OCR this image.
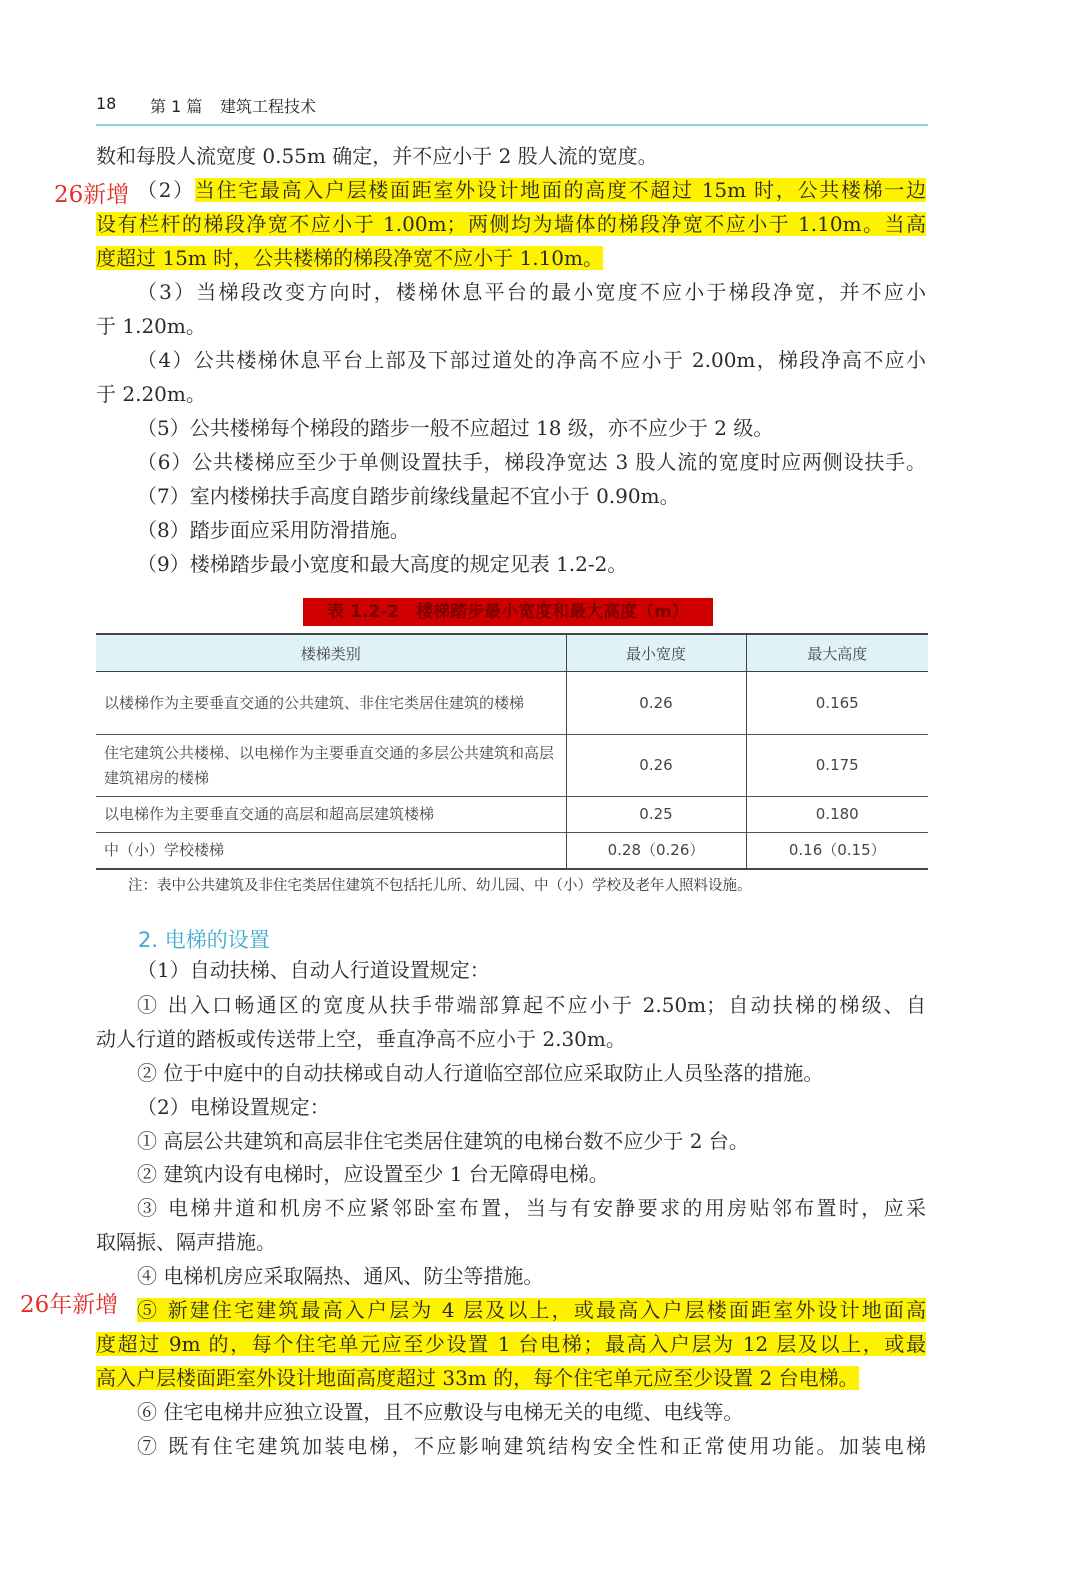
18 第 1 篇 建筑工程技术
26新增
26年新增
数和每股人流宽度 0.55m 确定，并不应小于 2 股人流的宽度。
（2）当住宅最高入户层楼面距室外设计地面的高度不超过 15m 时，公共楼梯一边
设有栏杆的梯段净宽不应小于 1.00m；两侧均为墙体的梯段净宽不应小于 1.10m。当高
度超过 15m 时，公共楼梯的梯段净宽不应小于 1.10m。
（3）当梯段改变方向时，楼梯休息平台的最小宽度不应小于梯段净宽，并不应小
于 1.20m。
（4）公共楼梯休息平台上部及下部过道处的净高不应小于 2.00m，梯段净高不应小
于 2.20m。
（5）公共楼梯每个梯段的踏步一般不应超过 18 级，亦不应少于 2 级。
（6）公共楼梯应至少于单侧设置扶手，梯段净宽达 3 股人流的宽度时应两侧设扶手。
（7）室内楼梯扶手高度自踏步前缘线量起不宜小于 0.90m。
（8）踏步面应采用防滑措施。
（9）楼梯踏步最小宽度和最大高度的规定见表 1.2-2。
（1）自动扶梯、自动人行道设置规定：
① 出入口畅通区的宽度从扶手带端部算起不应小于 2.50m；自动扶梯的梯级、自
动人行道的踏板或传送带上空，垂直净高不应小于 2.30m。
② 位于中庭中的自动扶梯或自动人行道临空部位应采取防止人员坠落的措施。
（2）电梯设置规定：
① 高层公共建筑和高层非住宅类居住建筑的电梯台数不应少于 2 台。
② 建筑内设有电梯时，应设置至少 1 台无障碍电梯。
③ 电梯井道和机房不应紧邻卧室布置，当与有安静要求的用房贴邻布置时，应采
取隔振、隔声措施。
④ 电梯机房应采取隔热、通风、防尘等措施。
⑤ 新建住宅建筑最高入户层为 4 层及以上，或最高入户层楼面距室外设计地面高
度超过 9m 的，每个住宅单元应至少设置 1 台电梯；最高入户层为 12 层及以上，或最
高入户层楼面距室外设计地面高度超过 33m 的，每个住宅单元应至少设置 2 台电梯。
⑥ 住宅电梯井应独立设置，且不应敷设与电梯无关的电缆、电线等。
⑦ 既有住宅建筑加装电梯，不应影响建筑结构安全性和正常使用功能。加装电梯
表 1.2-2　楼梯踏步最小宽度和最大高度（m）
楼梯类别	最小宽度	最大高度
以楼梯作为主要垂直交通的公共建筑、非住宅类居住建筑的楼梯	0.26	0.165
住宅建筑公共楼梯、以电梯作为主要垂直交通的多层公共建筑和高层建筑裙房的楼梯	0.26	0.175
以电梯作为主要垂直交通的高层和超高层建筑楼梯	0.25	0.180
中（小）学校楼梯	0.28（0.26）	0.16（0.15）
注：表中公共建筑及非住宅类居住建筑不包括托儿所、幼儿园、中（小）学校及老年人照料设施。
2. 电梯的设置
